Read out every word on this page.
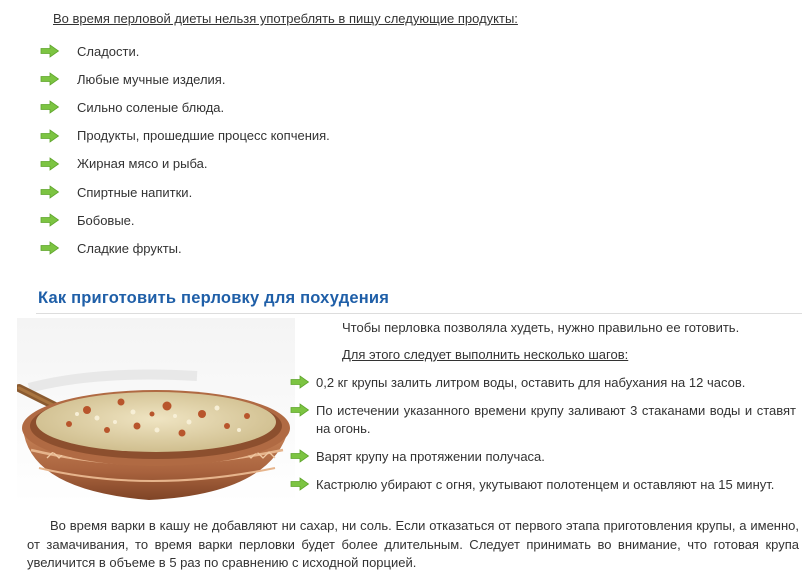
Во время перловой диеты нельзя употреблять в пищу следующие продукты:
Сладости.
Любые мучные изделия.
Сильно соленые блюда.
Продукты, прошедшие процесс копчения.
Жирная мясо и рыба.
Спиртные напитки.
Бобовые.
Сладкие фрукты.
Как приготовить перловку для похудения
Чтобы перловка позволяла худеть, нужно правильно ее готовить.
Для этого следует выполнить несколько шагов:
0,2 кг крупы залить литром воды, оставить для набухания на 12 часов.
По истечении указанного времени крупу заливают 3 стаканами воды и ставят на огонь.
Варят крупу на протяжении получаса.
Кастрюлю убирают с огня, укутывают полотенцем и оставляют на 15 минут.

Во время варки в кашу не добавляют ни сахар, ни соль. Если отказаться от первого этапа приготовления крупы, а именно, от замачивания, то время варки перловки будет более длительным. Следует принимать во внимание, что готовая крупа увеличится в объеме в 5 раз по сравнению с исходной порцией.
